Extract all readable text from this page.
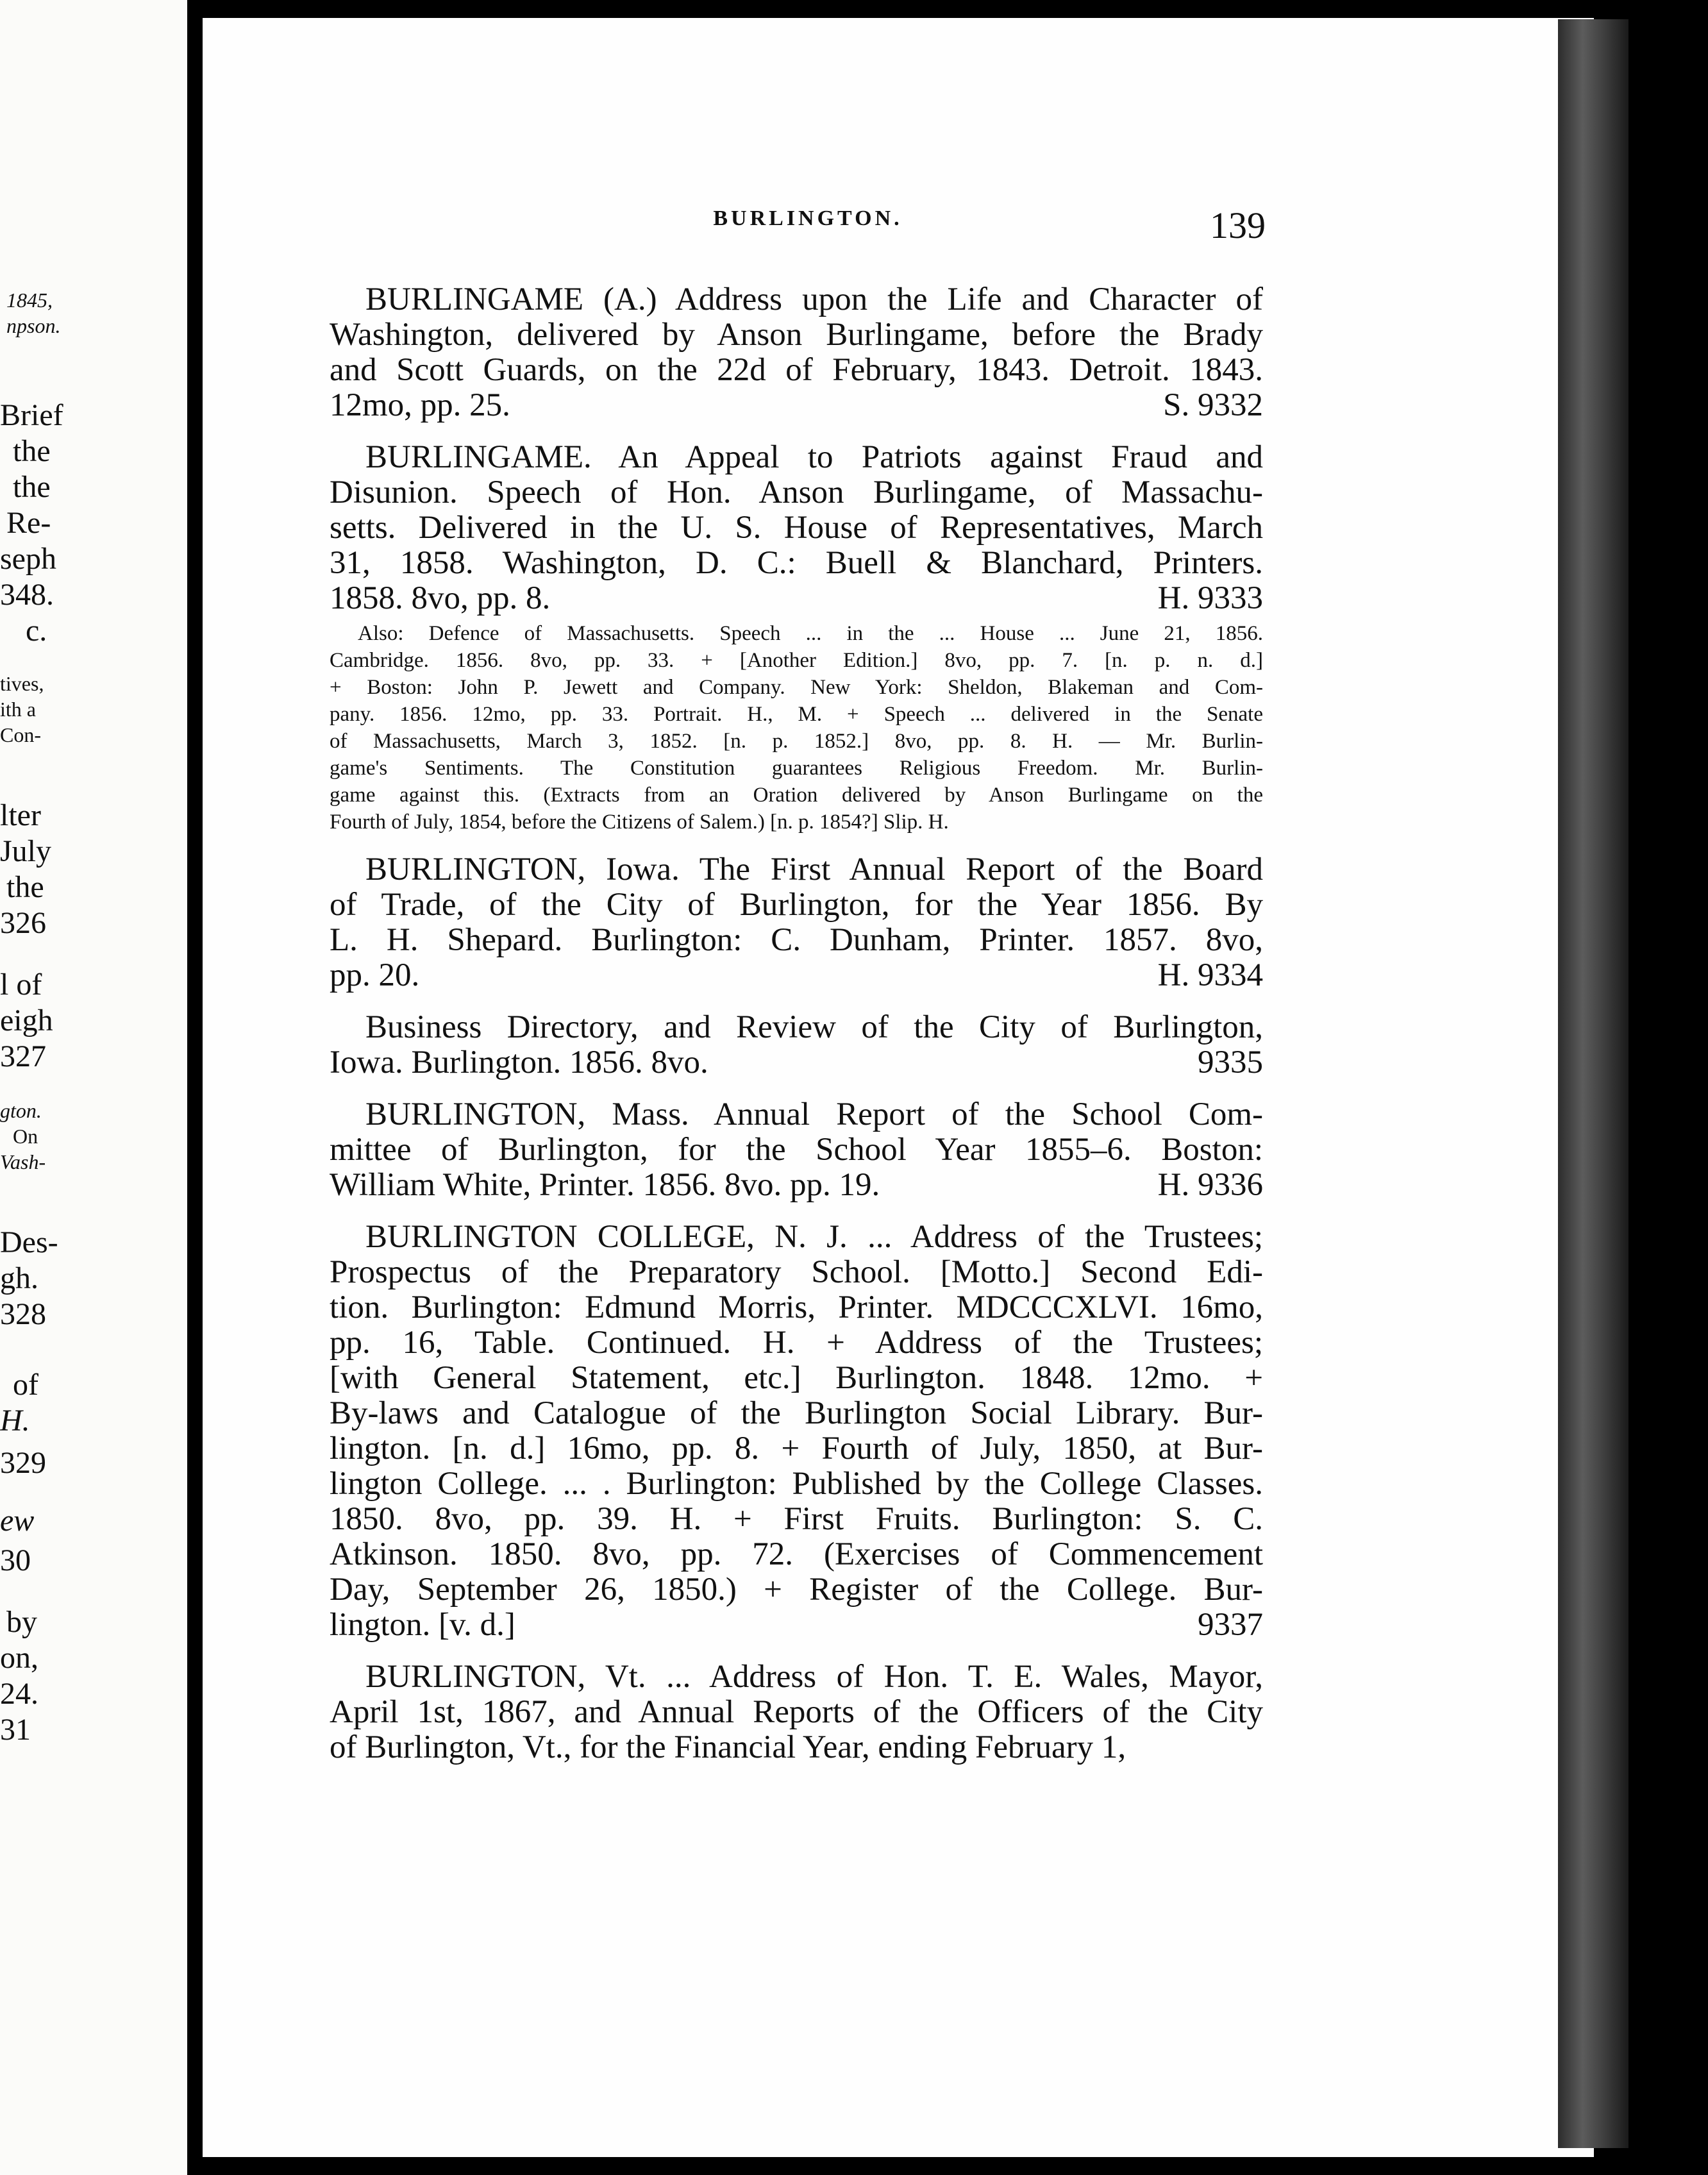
1845,
npson.
Brief
the
the
Re-
seph
348.
c.
tives,
ith a
Con-
lter
July
the
326
l of
eigh
327
gton.
On
Vash-
Des-
gh.
328
of
H.
329
ew
30
by
on,
24.
31
BURLINGTON.	139
BURLINGAME (A.) Address upon the Life and Character of
Washington, delivered by Anson Burlingame, before the Brady
and Scott Guards, on the 22d of February, 1843. Detroit. 1843.
12mo, pp. 25.	S. 9332
BURLINGAME. An Appeal to Patriots against Fraud and
Disunion. Speech of Hon. Anson Burlingame, of Massachu-
setts. Delivered in the U. S. House of Representatives, March
31, 1858. Washington, D. C.: Buell & Blanchard, Printers.
1858. 8vo, pp. 8.	H. 9333
Also: Defence of Massachusetts. Speech ... in the ... House ... June 21, 1856.
Cambridge. 1856. 8vo, pp. 33. + [Another Edition.] 8vo, pp. 7. [n. p. n. d.]
+ Boston: John P. Jewett and Company. New York: Sheldon, Blakeman and Com-
pany. 1856. 12mo, pp. 33. Portrait. H., M. + Speech ... delivered in the Senate
of Massachusetts, March 3, 1852. [n. p. 1852.] 8vo, pp. 8. H. — Mr. Burlin-
game's Sentiments. The Constitution guarantees Religious Freedom. Mr. Burlin-
game against this. (Extracts from an Oration delivered by Anson Burlingame on the
Fourth of July, 1854, before the Citizens of Salem.) [n. p. 1854?] Slip. H.
BURLINGTON, Iowa. The First Annual Report of the Board
of Trade, of the City of Burlington, for the Year 1856. By
L. H. Shepard. Burlington: C. Dunham, Printer. 1857. 8vo,
pp. 20.	H. 9334
Business Directory, and Review of the City of Burlington,
Iowa. Burlington. 1856. 8vo.	9335
BURLINGTON, Mass. Annual Report of the School Com-
mittee of Burlington, for the School Year 1855–6. Boston:
William White, Printer. 1856. 8vo. pp. 19.	H. 9336
BURLINGTON COLLEGE, N. J. ... Address of the Trustees;
Prospectus of the Preparatory School. [Motto.] Second Edi-
tion. Burlington: Edmund Morris, Printer. MDCCCXLVI. 16mo,
pp. 16, Table. Continued. H. + Address of the Trustees;
[with General Statement, etc.] Burlington. 1848. 12mo. +
By-laws and Catalogue of the Burlington Social Library. Bur-
lington. [n. d.] 16mo, pp. 8. + Fourth of July, 1850, at Bur-
lington College. ... . Burlington: Published by the College Classes.
1850. 8vo, pp. 39. H. + First Fruits. Burlington: S. C.
Atkinson. 1850. 8vo, pp. 72. (Exercises of Commencement
Day, September 26, 1850.) + Register of the College. Bur-
lington. [v. d.]	9337
BURLINGTON, Vt. ... Address of Hon. T. E. Wales, Mayor,
April 1st, 1867, and Annual Reports of the Officers of the City
of Burlington, Vt., for the Financial Year, ending February 1,
